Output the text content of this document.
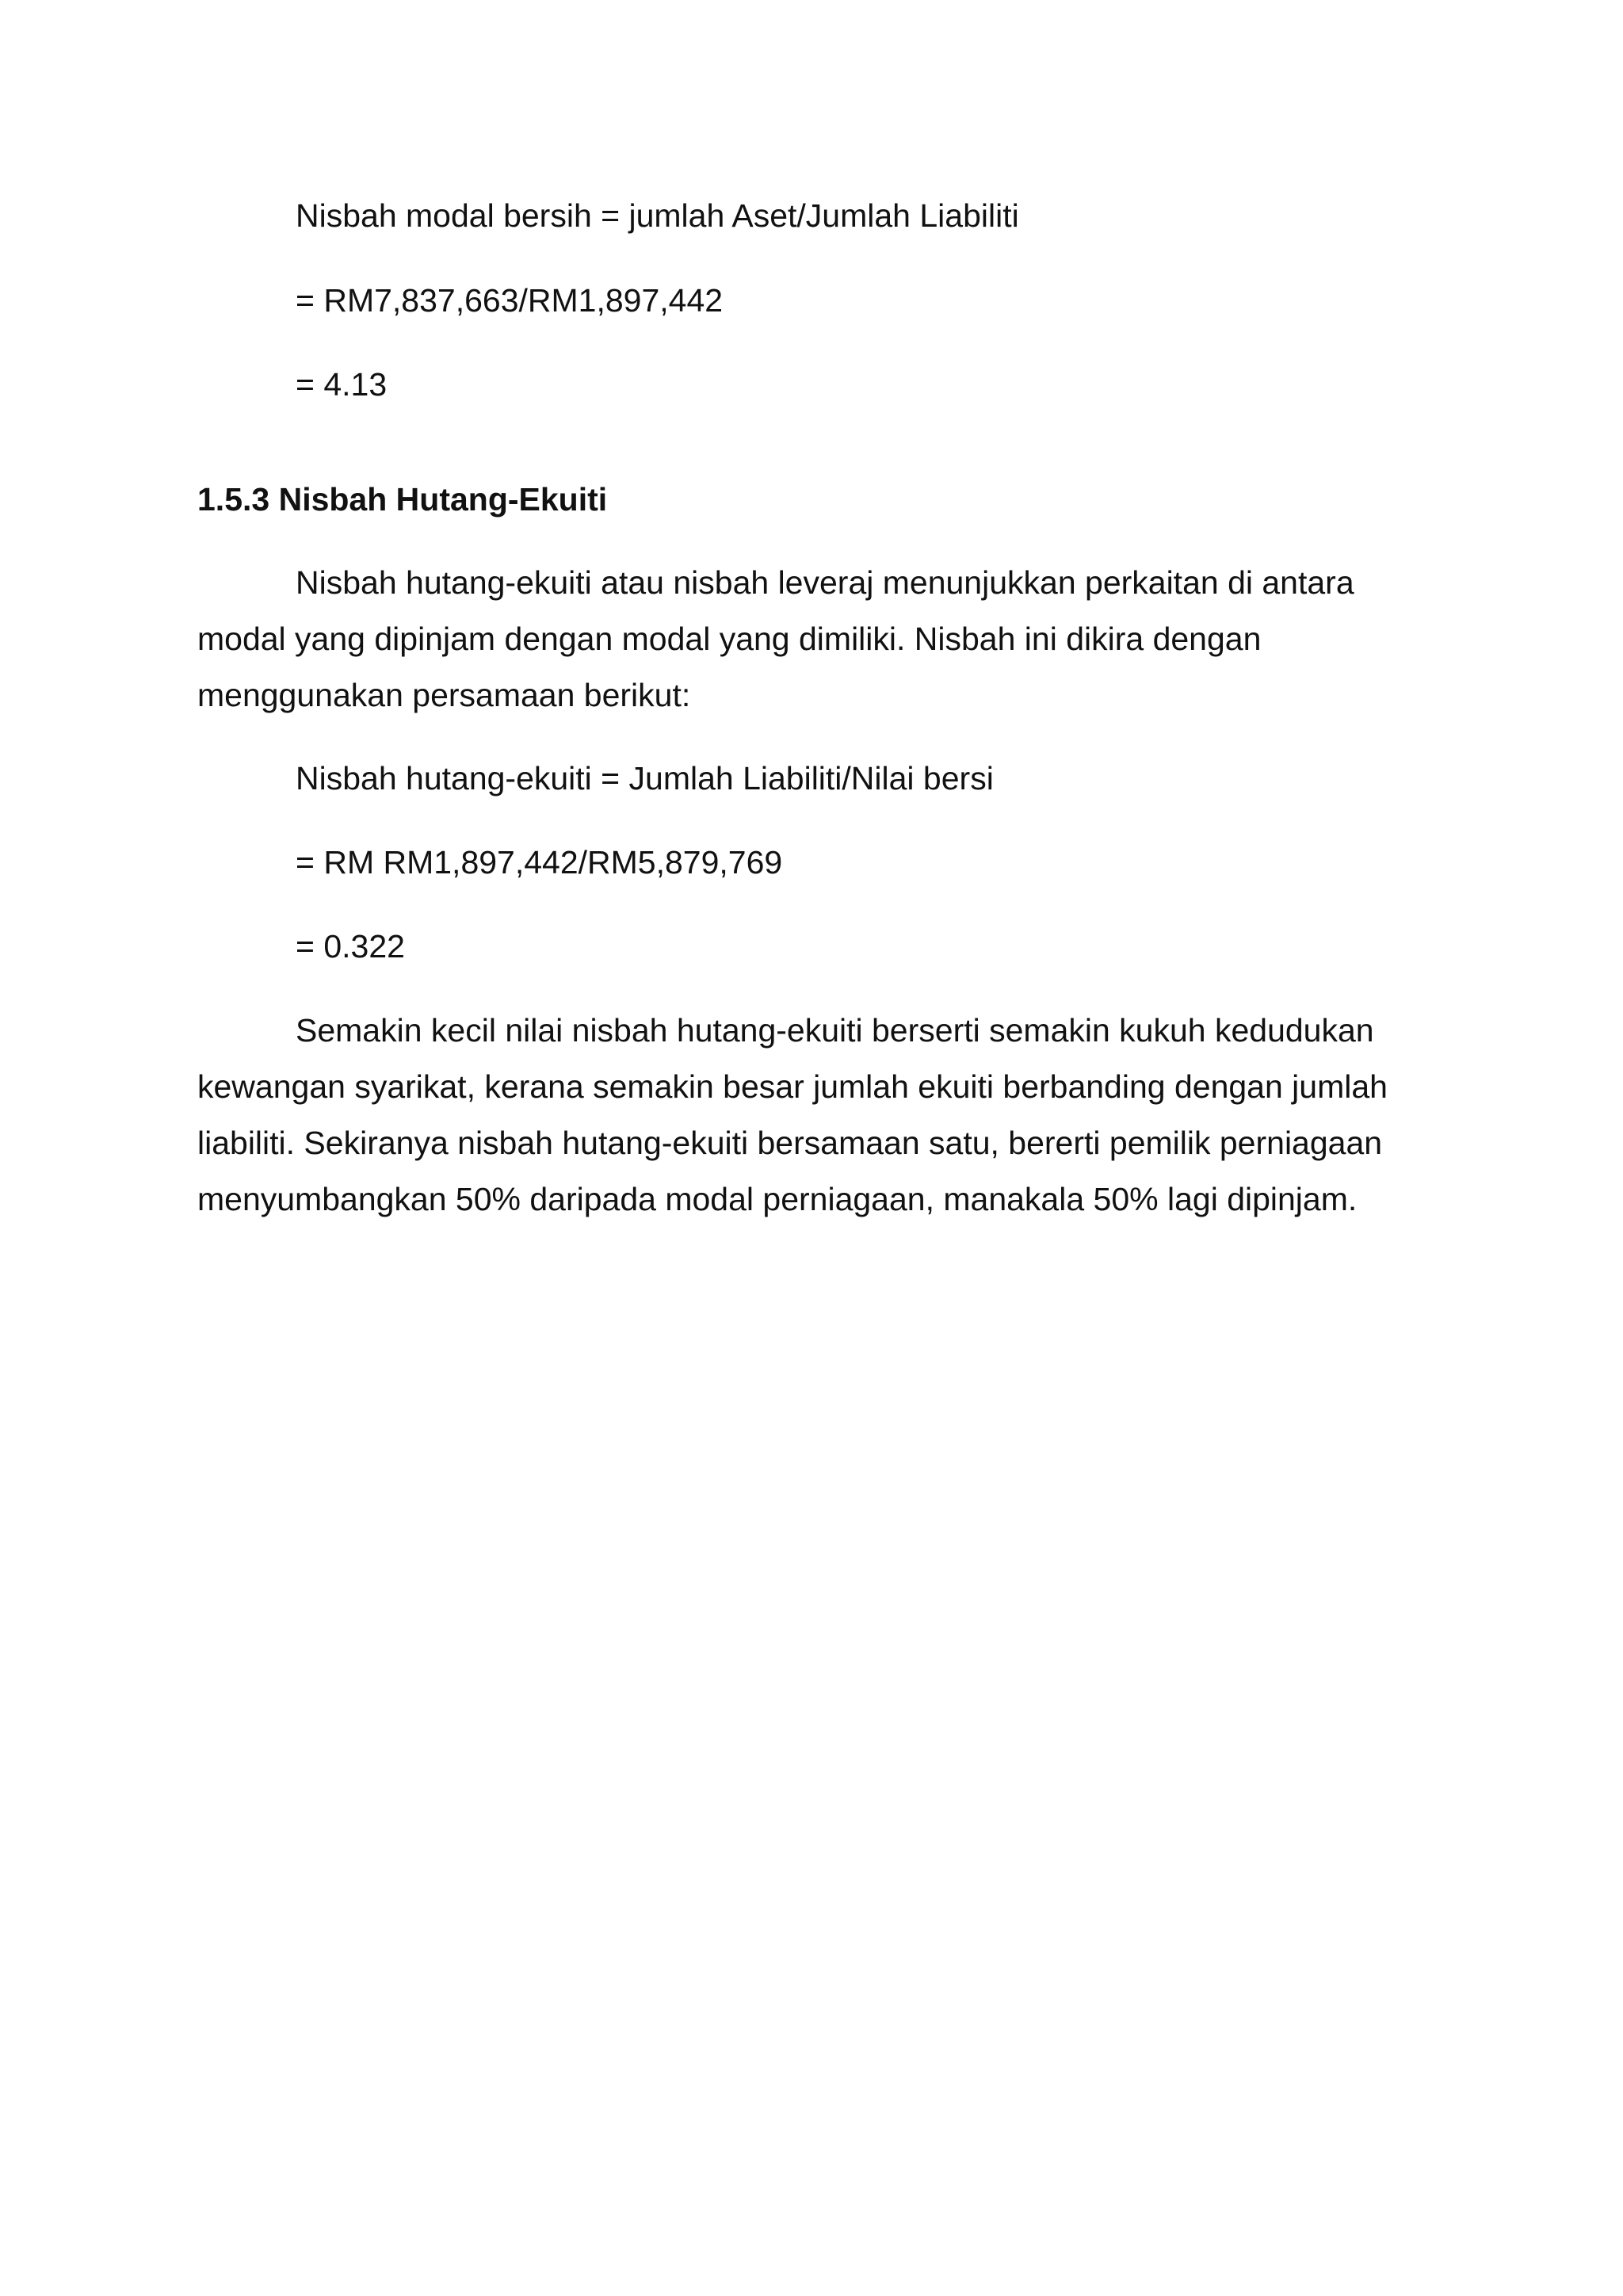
Nisbah modal bersih = jumlah Aset/Jumlah Liabiliti

= RM7,837,663/RM1,897,442

= 4.13

1.5.3 Nisbah Hutang-Ekuiti

Nisbah hutang-ekuiti atau nisbah leveraj menunjukkan perkaitan di antara
modal yang dipinjam dengan modal yang dimiliki. Nisbah ini dikira dengan
menggunakan persamaan berikut:

Nisbah hutang-ekuiti = Jumlah Liabiliti/Nilai bersi

= RM RM1,897,442/RM5,879,769

= 0.322

Semakin kecil nilai nisbah hutang-ekuiti berserti semakin kukuh kedudukan
kewangan syarikat, kerana semakin besar jumlah ekuiti berbanding dengan jumlah
liabiliti. Sekiranya nisbah hutang-ekuiti bersamaan satu, bererti pemilik perniagaan
menyumbangkan 50% daripada modal perniagaan, manakala 50% lagi dipinjam.
